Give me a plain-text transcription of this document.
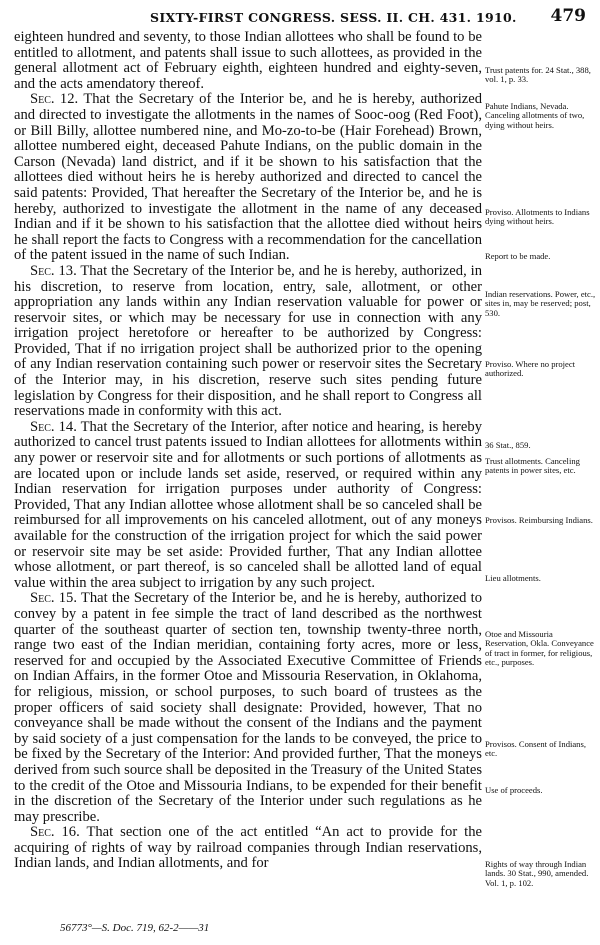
SIXTY-FIRST CONGRESS. SESS. II. CH. 431. 1910. 479

eighteen hundred and seventy, to those Indian allottees who shall be found to be entitled to allotment, and patents shall issue to such allottees, as provided in the general allotment act of February eighth, eighteen hundred and eighty-seven, and the acts amendatory thereof.

Sec. 12. That the Secretary of the Interior be, and he is hereby, authorized and directed to investigate the allotments in the names of Sooc-oog (Red Foot), or Bill Billy, allottee numbered nine, and Mo-zo-to-be (Hair Forehead) Brown, allottee numbered eight, deceased Pahute Indians, on the public domain in the Carson (Nevada) land district, and if it be shown to his satisfaction that the allottees died without heirs he is hereby authorized and directed to cancel the said patents: Provided, That hereafter the Secretary of the Interior be, and he is hereby, authorized to investigate the allotment in the name of any deceased Indian and if it be shown to his satisfaction that the allottee died without heirs he shall report the facts to Congress with a recommendation for the cancellation of the patent issued in the name of such Indian.

Sec. 13. That the Secretary of the Interior be, and he is hereby, authorized, in his discretion, to reserve from location, entry, sale, allotment, or other appropriation any lands within any Indian reservation valuable for power or reservoir sites, or which may be necessary for use in connection with any irrigation project heretofore or hereafter to be authorized by Congress: Provided, That if no irrigation project shall be authorized prior to the opening of any Indian reservation containing such power or reservoir sites the Secretary of the Interior may, in his discretion, reserve such sites pending future legislation by Congress for their disposition, and he shall report to Congress all reservations made in conformity with this act.

Sec. 14. That the Secretary of the Interior, after notice and hearing, is hereby authorized to cancel trust patents issued to Indian allottees for allotments within any power or reservoir site and for allotments or such portions of allotments as are located upon or include lands set aside, reserved, or required within any Indian reservation for irrigation purposes under authority of Congress: Provided, That any Indian allottee whose allotment shall be so canceled shall be reimbursed for all improvements on his canceled allotment, out of any moneys available for the construction of the irrigation project for which the said power or reservoir site may be set aside: Provided further, That any Indian allottee whose allotment, or part thereof, is so canceled shall be allotted land of equal value within the area subject to irrigation by any such project.

Sec. 15. That the Secretary of the Interior be, and he is hereby, authorized to convey by a patent in fee simple the tract of land described as the northwest quarter of the southeast quarter of section ten, township twenty-three north, range two east of the Indian meridian, containing forty acres, more or less, reserved for and occupied by the Associated Executive Committee of Friends on Indian Affairs, in the former Otoe and Missouria Reservation, in Oklahoma, for religious, mission, or school purposes, to such board of trustees as the proper officers of said society shall designate: Provided, however, That no conveyance shall be made without the consent of the Indians and the payment by said society of a just compensation for the lands to be conveyed, the price to be fixed by the Secretary of the Interior: And provided further, That the moneys derived from such source shall be deposited in the Treasury of the United States to the credit of the Otoe and Missouria Indians, to be expended for their benefit in the discretion of the Secretary of the Interior under such regulations as he may prescribe.

Sec. 16. That section one of the act entitled “An act to provide for the acquiring of rights of way by railroad companies through Indian reservations, Indian lands, and Indian allotments, and for

Trust patents for. 24 Stat., 388, vol. 1, p. 33.
Pahute Indians, Nevada. Canceling allotments of two, dying without heirs.
Proviso. Allotments to Indians dying without heirs.
Report to be made.
Indian reservations. Power, etc., sites in, may be reserved; post, 530.
Proviso. Where no project authorized.
36 Stat., 859.
Trust allotments. Canceling patents in power sites, etc.
Provisos. Reimbursing Indians.
Lieu allotments.
Otoe and Missouria Reservation, Okla. Conveyance of tract in former, for religious, etc., purposes.
Provisos. Consent of Indians, etc.
Use of proceeds.
Rights of way through Indian lands. 30 Stat., 990, amended. Vol. 1, p. 102.
56773°—S. Doc. 719, 62-2——31
